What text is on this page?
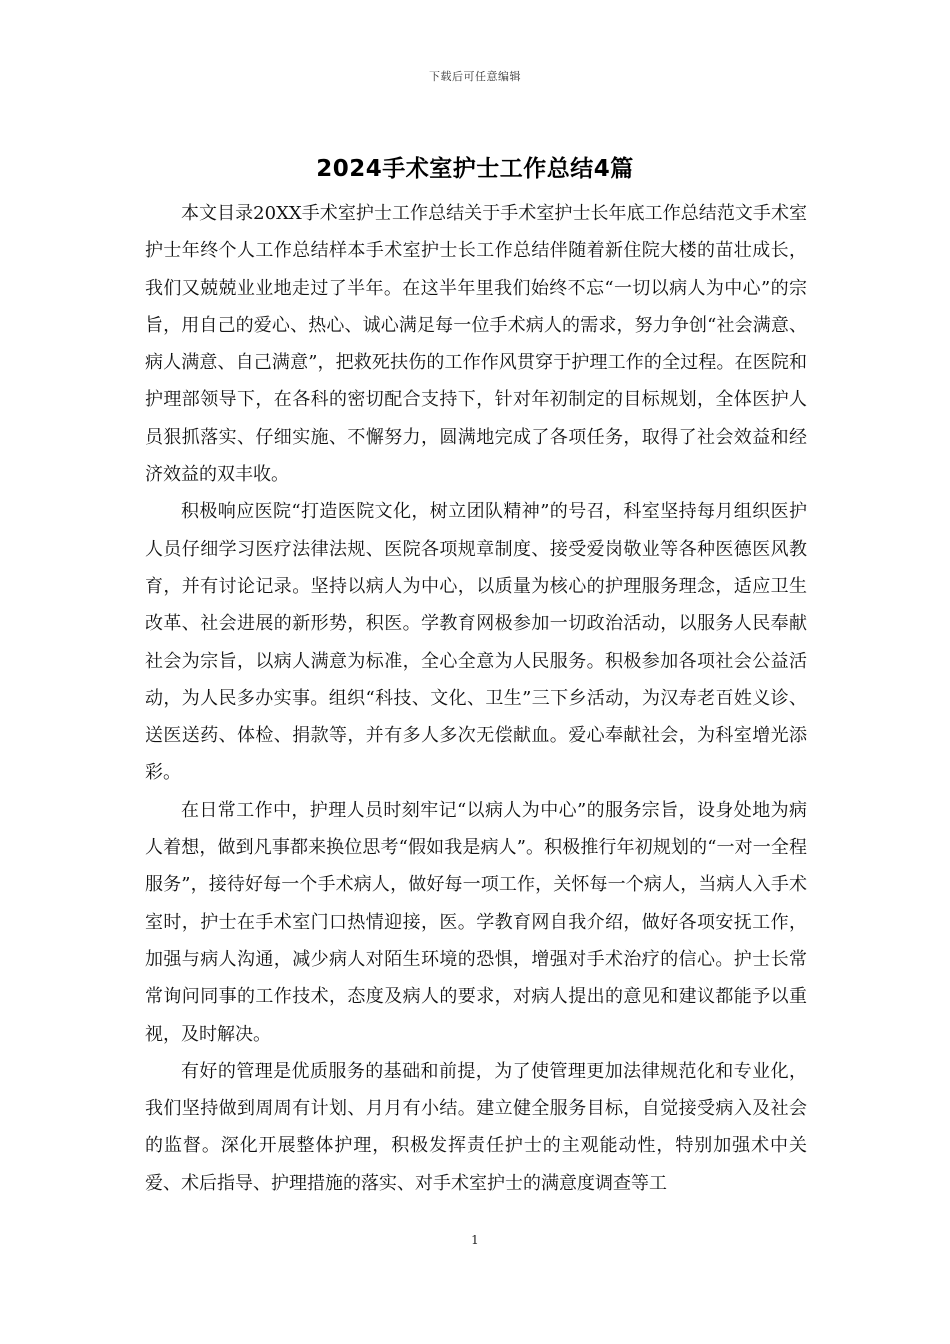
下载后可任意编辑
2024手术室护士工作总结4篇

本文目录20XX手术室护士工作总结关于手术室护士长年底工作总结范文手术室护士年终个人工作总结样本手术室护士长工作总结伴随着新住院大楼的苗壮成长，我们又兢兢业业地走过了半年。在这半年里我们始终不忘“一切以病人为中心”的宗旨，用自己的爱心、热心、诚心满足每一位手术病人的需求，努力争创“社会满意、病人满意、自己满意”，把救死扶伤的工作作风贯穿于护理工作的全过程。在医院和护理部领导下，在各科的密切配合支持下，针对年初制定的目标规划，全体医护人员狠抓落实、仔细实施、不懈努力，圆满地完成了各项任务，取得了社会效益和经济效益的双丰收。

积极响应医院“打造医院文化，树立团队精神”的号召，科室坚持每月组织医护人员仔细学习医疗法律法规、医院各项规章制度、接受爱岗敬业等各种医德医风教育，并有讨论记录。坚持以病人为中心，以质量为核心的护理服务理念，适应卫生改革、社会进展的新形势，积医。学教育网极参加一切政治活动，以服务人民奉献社会为宗旨，以病人满意为标准，全心全意为人民服务。积极参加各项社会公益活动，为人民多办实事。组织“科技、文化、卫生”三下乡活动，为汉寿老百姓义诊、送医送药、体检、捐款等，并有多人多次无偿献血。爱心奉献社会，为科室增光添彩。

在日常工作中，护理人员时刻牢记“以病人为中心”的服务宗旨，设身处地为病人着想，做到凡事都来换位思考“假如我是病人”。积极推行年初规划的“一对一全程服务”，接待好每一个手术病人，做好每一项工作，关怀每一个病人，当病人入手术室时，护士在手术室门口热情迎接，医。学教育网自我介绍，做好各项安抚工作，加强与病人沟通，减少病人对陌生环境的恐惧，增强对手术治疗的信心。护士长常常询问同事的工作技术，态度及病人的要求，对病人提出的意见和建议都能予以重视，及时解决。

有好的管理是优质服务的基础和前提，为了使管理更加法律规范化和专业化，我们坚持做到周周有计划、月月有小结。建立健全服务目标，自觉接受病入及社会的监督。深化开展整体护理，积极发挥责任护士的主观能动性，特别加强术中关爱、术后指导、护理措施的落实、对手术室护士的满意度调查等工

1
